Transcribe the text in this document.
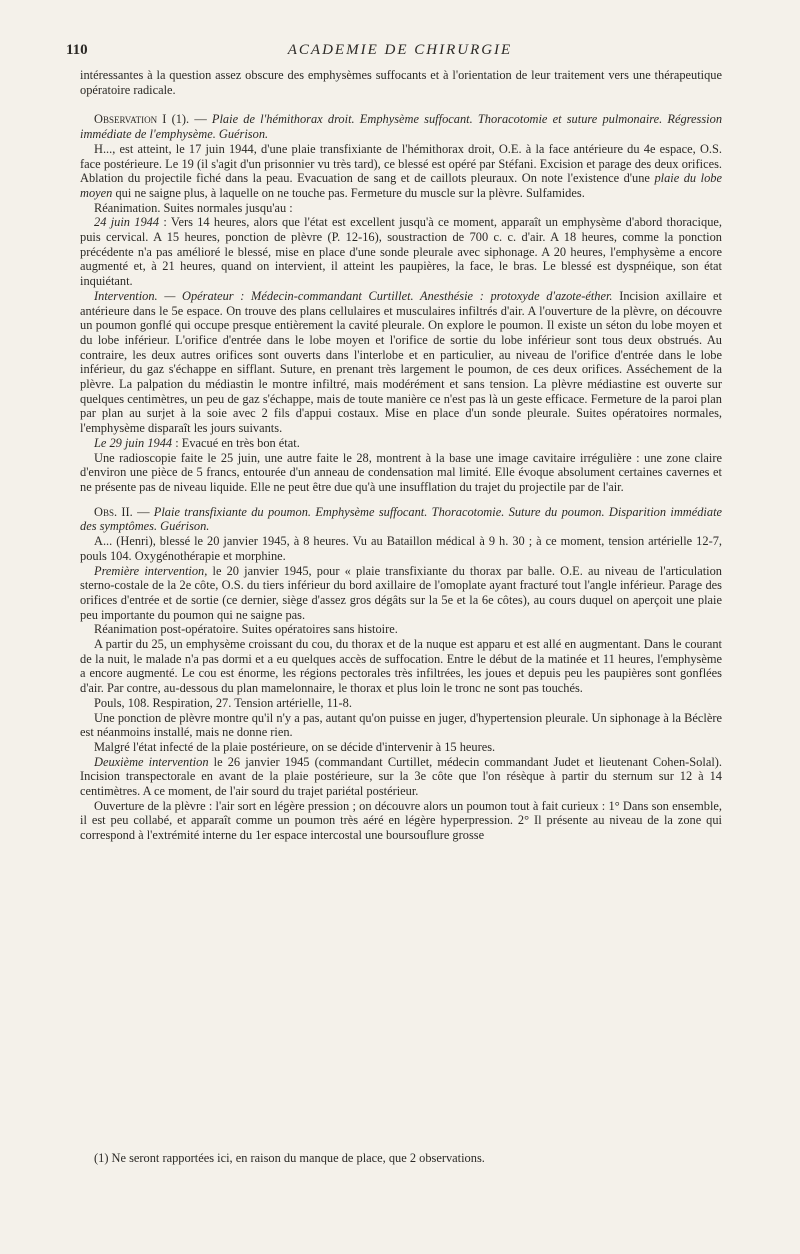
110	ACADEMIE DE CHIRURGIE

intéressantes à la question assez obscure des emphysèmes suffocants et à l'orientation de leur traitement vers une thérapeutique opératoire radicale.

Observation I (1). — Plaie de l'hémithorax droit. Emphysème suffocant. Thoracotomie et suture pulmonaire. Régression immédiate de l'emphysème. Guérison.

H..., est atteint, le 17 juin 1944, d'une plaie transfixiante de l'hémithorax droit, O.E. à la face antérieure du 4e espace, O.S. face postérieure. Le 19 (il s'agit d'un prisonnier vu très tard), ce blessé est opéré par Stéfani. Excision et parage des deux orifices. Ablation du projectile fiché dans la peau. Evacuation de sang et de caillots pleuraux. On note l'existence d'une plaie du lobe moyen qui ne saigne plus, à laquelle on ne touche pas. Fermeture du muscle sur la plèvre. Sulfamides.

Réanimation. Suites normales jusqu'au :

24 juin 1944 : Vers 14 heures, alors que l'état est excellent jusqu'à ce moment, apparaît un emphysème d'abord thoracique, puis cervical. A 15 heures, ponction de plèvre (P. 12-16), soustraction de 700 c. c. d'air. A 18 heures, comme la ponction précédente n'a pas amélioré le blessé, mise en place d'une sonde pleurale avec siphonage. A 20 heures, l'emphysème a encore augmenté et, à 21 heures, quand on intervient, il atteint les paupières, la face, le bras. Le blessé est dyspnéique, son état inquiétant.

Intervention. — Opérateur : Médecin-commandant Curtillet. Anesthésie : protoxyde d'azote-éther. Incision axillaire et antérieure dans le 5e espace. On trouve des plans cellulaires et musculaires infiltrés d'air. A l'ouverture de la plèvre, on découvre un poumon gonflé qui occupe presque entièrement la cavité pleurale. On explore le poumon. Il existe un séton du lobe moyen et du lobe inférieur. L'orifice d'entrée dans le lobe moyen et l'orifice de sortie du lobe inférieur sont tous deux obstrués. Au contraire, les deux autres orifices sont ouverts dans l'interlobe et en particulier, au niveau de l'orifice d'entrée dans le lobe inférieur, du gaz s'échappe en sifflant. Suture, en prenant très largement le poumon, de ces deux orifices. Asséchement de la plèvre. La palpation du médiastin le montre infiltré, mais modérément et sans tension. La plèvre médiastine est ouverte sur quelques centimètres, un peu de gaz s'échappe, mais de toute manière ce n'est pas là un geste efficace. Fermeture de la paroi plan par plan au surjet à la soie avec 2 fils d'appui costaux. Mise en place d'un sonde pleurale. Suites opératoires normales, l'emphysème disparaît les jours suivants.

Le 29 juin 1944 : Evacué en très bon état.

Une radioscopie faite le 25 juin, une autre faite le 28, montrent à la base une image cavitaire irrégulière : une zone claire d'environ une pièce de 5 francs, entourée d'un anneau de condensation mal limité. Elle évoque absolument certaines cavernes et ne présente pas de niveau liquide. Elle ne peut être due qu'à une insufflation du trajet du projectile par de l'air.

Obs. II. — Plaie transfixiante du poumon. Emphysème suffocant. Thoracotomie. Suture du poumon. Disparition immédiate des symptômes. Guérison.

A... (Henri), blessé le 20 janvier 1945, à 8 heures. Vu au Bataillon médical à 9 h. 30 ; à ce moment, tension artérielle 12-7, pouls 104. Oxygénothérapie et morphine.

Première intervention, le 20 janvier 1945, pour « plaie transfixiante du thorax par balle. O.E. au niveau de l'articulation sterno-costale de la 2e côte, O.S. du tiers inférieur du bord axillaire de l'omoplate ayant fracturé tout l'angle inférieur. Parage des orifices d'entrée et de sortie (ce dernier, siège d'assez gros dégâts sur la 5e et la 6e côtes), au cours duquel on aperçoit une plaie peu importante du poumon qui ne saigne pas.

Réanimation post-opératoire. Suites opératoires sans histoire.

A partir du 25, un emphysème croissant du cou, du thorax et de la nuque est apparu et est allé en augmentant. Dans le courant de la nuit, le malade n'a pas dormi et a eu quelques accès de suffocation. Entre le début de la matinée et 11 heures, l'emphysème a encore augmenté. Le cou est énorme, les régions pectorales très infiltrées, les joues et depuis peu les paupières sont gonflées d'air. Par contre, au-dessous du plan mamelonnaire, le thorax et plus loin le tronc ne sont pas touchés.

Pouls, 108. Respiration, 27. Tension artérielle, 11-8.

Une ponction de plèvre montre qu'il n'y a pas, autant qu'on puisse en juger, d'hypertension pleurale. Un siphonage à la Béclère est néanmoins installé, mais ne donne rien.

Malgré l'état infecté de la plaie postérieure, on se décide d'intervenir à 15 heures.

Deuxième intervention le 26 janvier 1945 (commandant Curtillet, médecin commandant Judet et lieutenant Cohen-Solal). Incision transpectorale en avant de la plaie postérieure, sur la 3e côte que l'on résèque à partir du sternum sur 12 à 14 centimètres. A ce moment, de l'air sourd du trajet pariétal postérieur.

Ouverture de la plèvre : l'air sort en légère pression ; on découvre alors un poumon tout à fait curieux : 1° Dans son ensemble, il est peu collabé, et apparaît comme un poumon très aéré en légère hyperpression. 2° Il présente au niveau de la zone qui correspond à l'extrémité interne du 1er espace intercostal une boursouflure grosse

(1) Ne seront rapportées ici, en raison du manque de place, que 2 observations.
